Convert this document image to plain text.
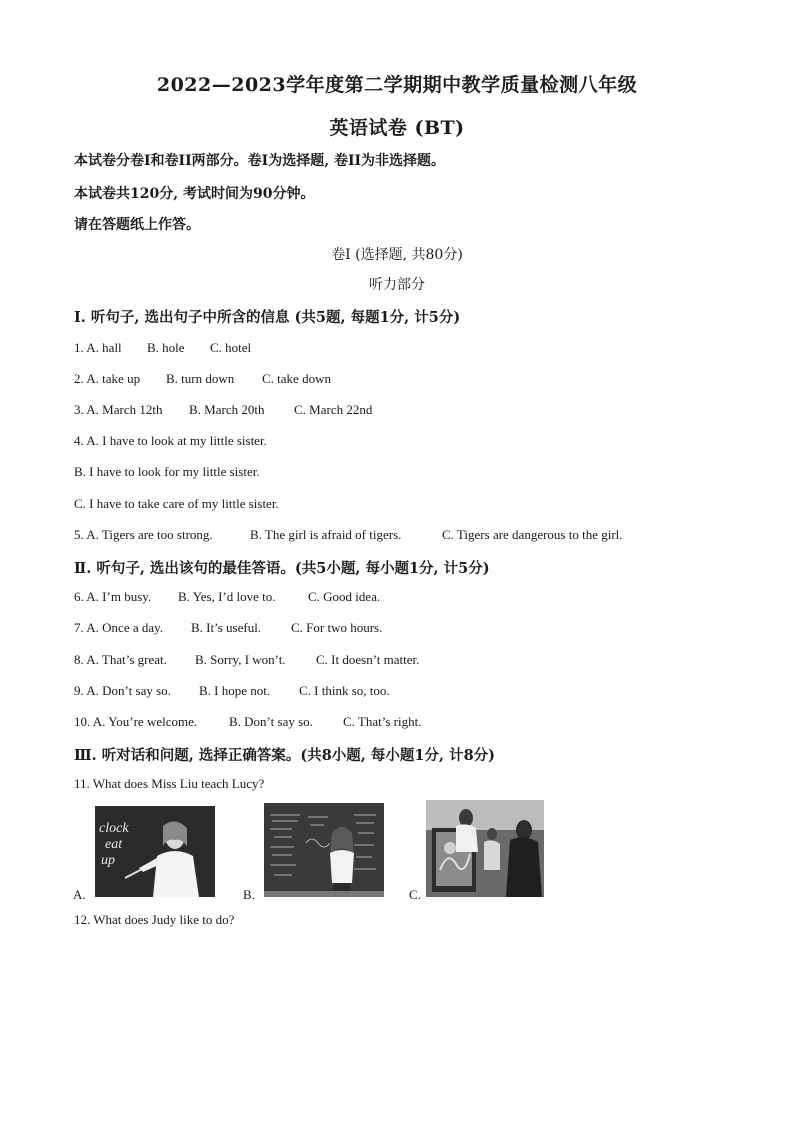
2022—2023学年度第二学期期中教学质量检测八年级
英语试卷 (BT)
本试卷分卷I和卷II两部分。卷I为选择题, 卷II为非选择题。
本试卷共120分, 考试时间为90分钟。
请在答题纸上作答。
卷I (选择题, 共80分)
听力部分
Ⅰ. 听句子, 选出句子中所含的信息 (共5题, 每题1分, 计5分)
1. A. hall B. hole C. hotel
2. A. take up B. turn down C. take down
3. A. March 12th B. March 20th C. March 22nd
4. A. I have to look at my little sister.
B. I have to look for my little sister.
C. I have to take care of my little sister.
5. A. Tigers are too strong.	B. The girl is afraid of tigers.	C. Tigers are dangerous to the girl.
Ⅱ. 听句子, 选出该句的最佳答语。(共5小题, 每小题1分, 计5分)
6. A. I’m busy. B. Yes, I’d love to. C. Good idea.
7. A. Once a day. B. It’s useful. C. For two hours.
8. A. That’s great. B. Sorry, I won’t. C. It doesn’t matter.
9. A. Don’t say so. B. I hope not. C. I think so, too.
10. A. You’re welcome. B. Don’t say so. C. That’s right.
Ⅲ. 听对话和问题, 选择正确答案。(共8小题, 每小题1分, 计8分)
11. What does Miss Liu teach Lucy?
A.
clock
eat
up
B.	C.
12. What does Judy like to do?
